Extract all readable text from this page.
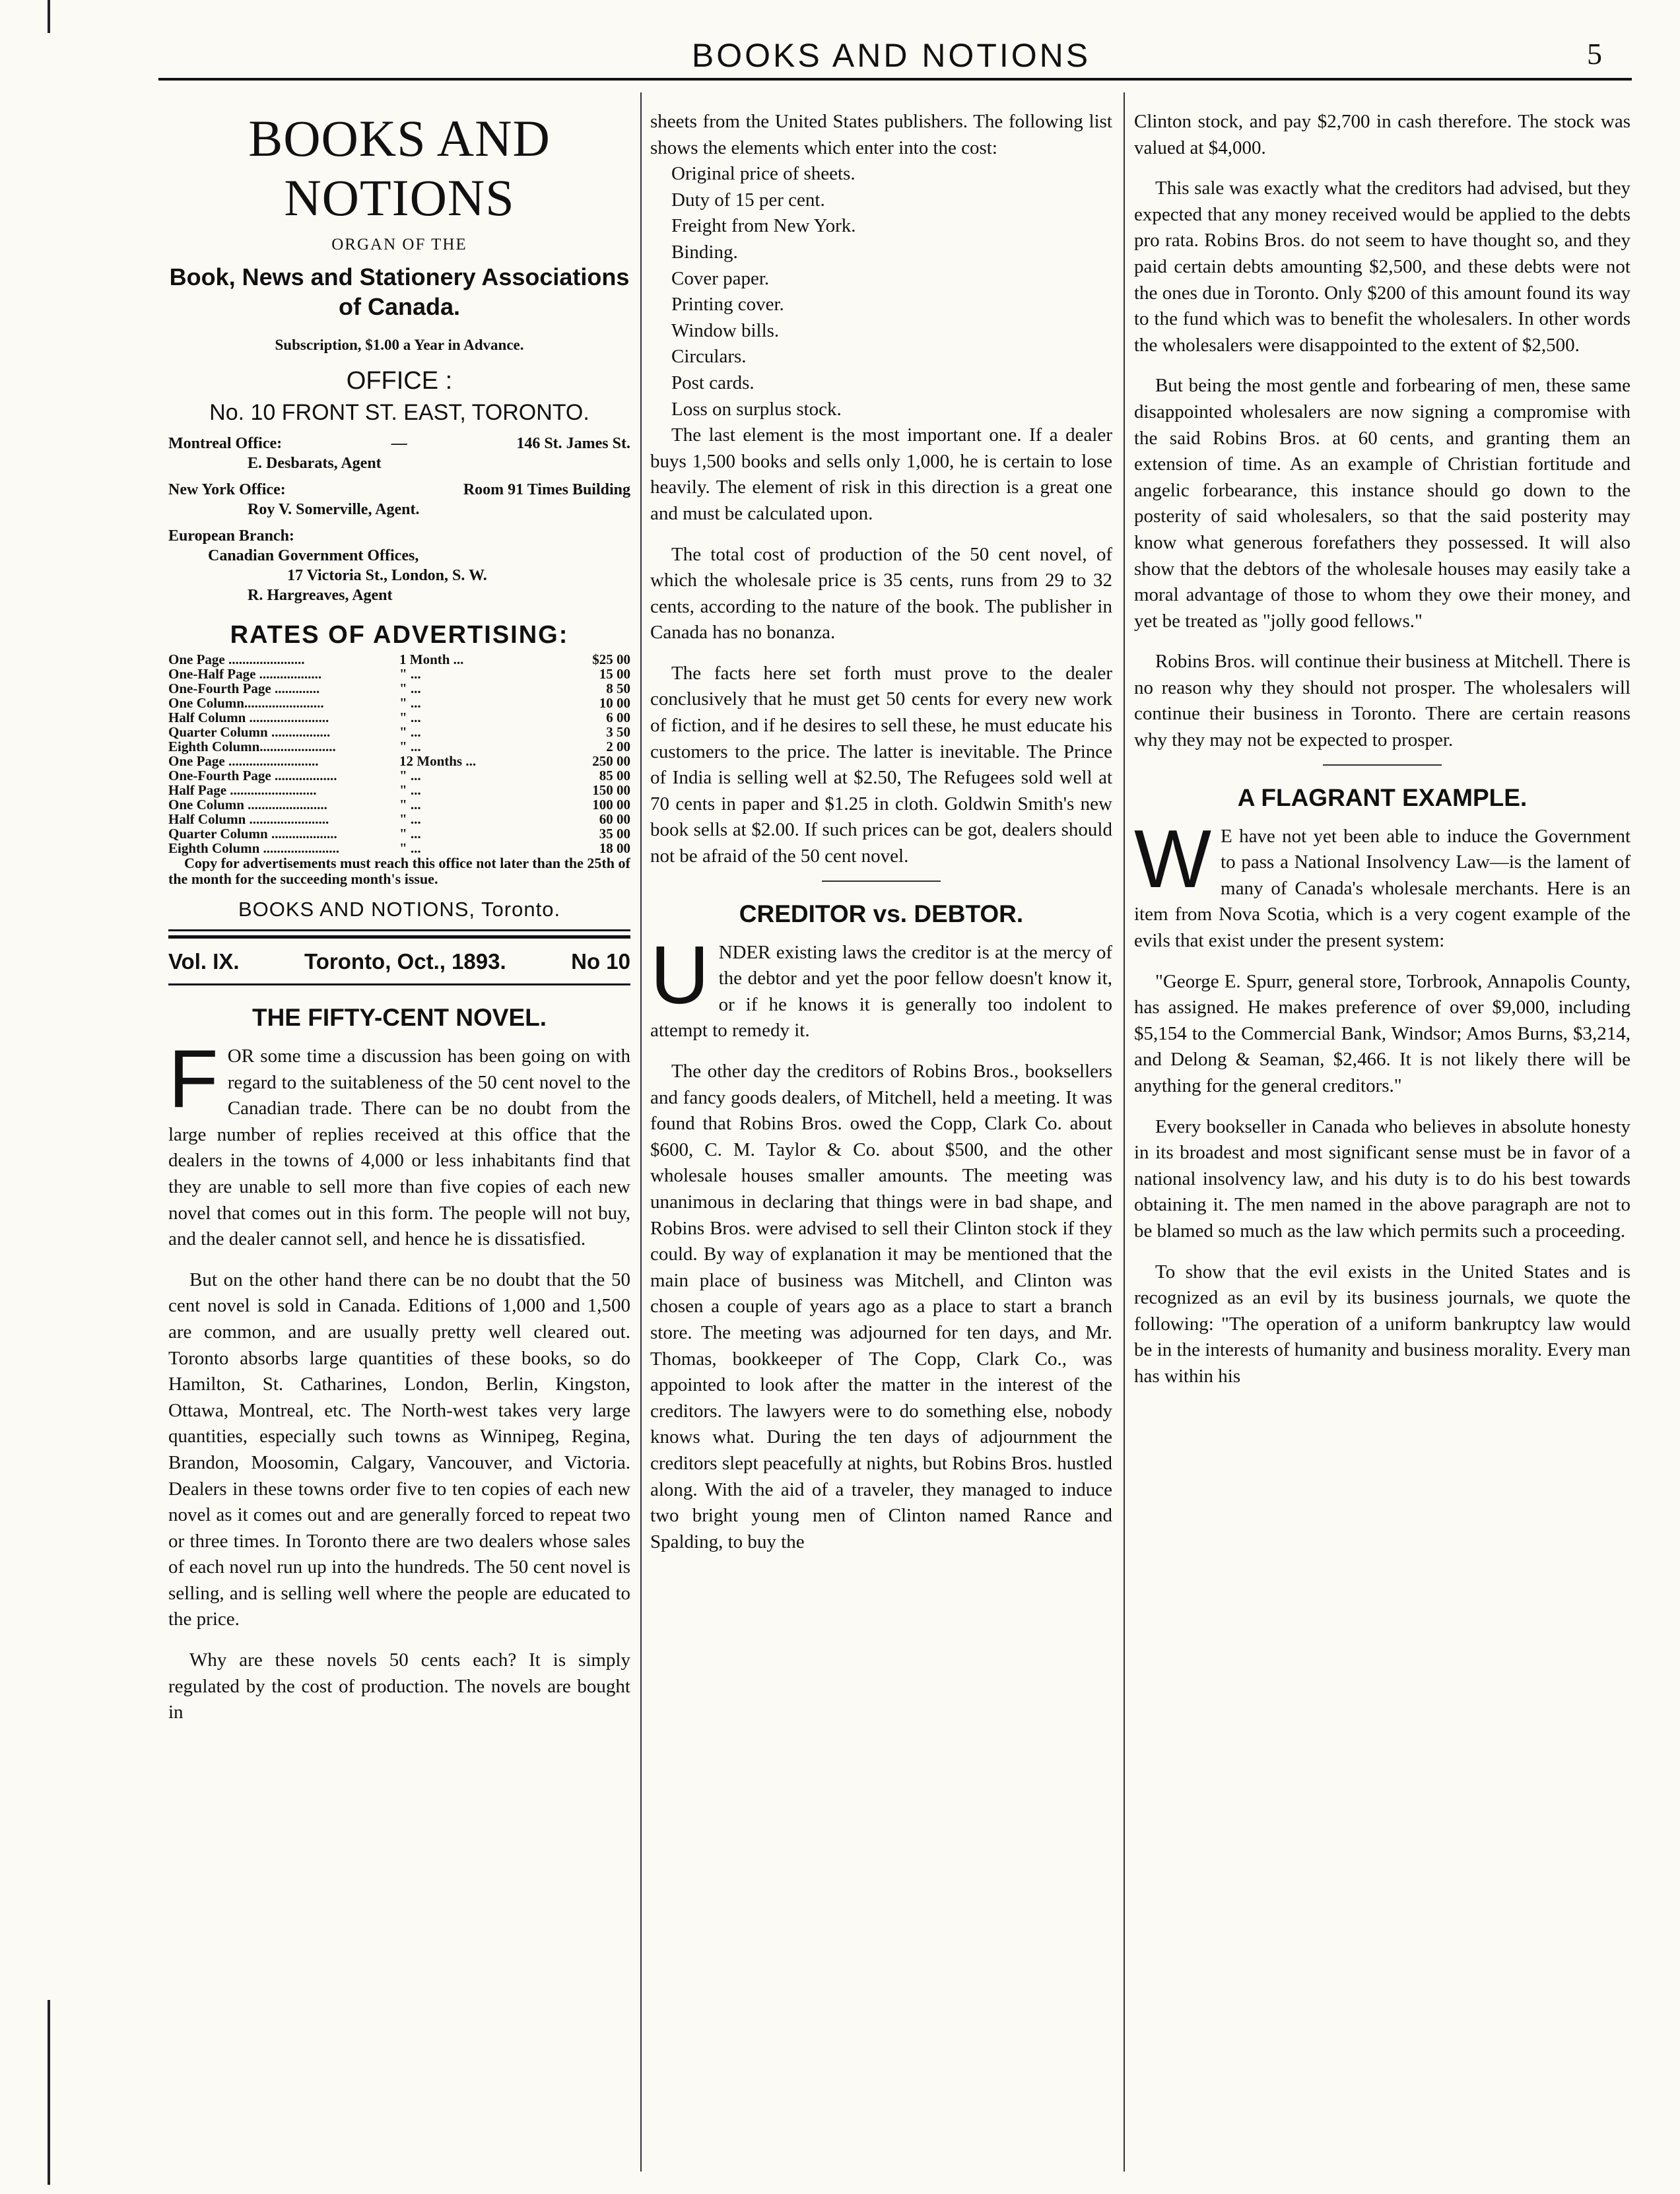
BOOKS AND NOTIONS	5
BOOKS AND NOTIONS
ORGAN OF THE
Book, News and Stationery Associations of Canada.
Subscription, $1.00 a Year in Advance.
OFFICE :
No. 10 FRONT ST. EAST, TORONTO.
Montreal Office:	—	146 St. James St.
E. Desbarats, Agent
New York Office:	Room 91 Times Building
Roy V. Somerville, Agent.
European Branch:
Canadian Government Offices,
17 Victoria St., London, S. W.
R. Hargreaves, Agent
RATES OF ADVERTISING:
One Page ......................	1 Month ...	$25 00
One-Half Page ..................	" ...	15 00
One-Fourth Page .............	" ...	8 50
One Column.......................	" ...	10 00
Half Column .......................	" ...	6 00
Quarter Column .................	" ...	3 50
Eighth Column......................	" ...	2 00
One Page ..........................	12 Months ...	250 00
One-Fourth Page ..................	" ...	85 00
Half Page .........................	" ...	150 00
One Column .......................	" ...	100 00
Half Column .......................	" ...	60 00
Quarter Column ...................	" ...	35 00
Eighth Column ......................	" ...	18 00
Copy for advertisements must reach this office not later than the 25th of the month for the succeeding month's issue.
BOOKS AND NOTIONS, Toronto.
Vol. IX.	Toronto, Oct., 1893.	No 10
THE FIFTY-CENT NOVEL.

FOR some time a discussion has been going on with regard to the suitableness of the 50 cent novel to the Canadian trade. There can be no doubt from the large number of replies received at this office that the dealers in the towns of 4,000 or less inhabitants find that they are unable to sell more than five copies of each new novel that comes out in this form. The people will not buy, and the dealer cannot sell, and hence he is dissatisfied.

But on the other hand there can be no doubt that the 50 cent novel is sold in Canada. Editions of 1,000 and 1,500 are common, and are usually pretty well cleared out. Toronto absorbs large quantities of these books, so do Hamilton, St. Catharines, London, Berlin, Kingston, Ottawa, Montreal, etc. The North-west takes very large quantities, especially such towns as Winnipeg, Regina, Brandon, Moosomin, Calgary, Vancouver, and Victoria. Dealers in these towns order five to ten copies of each new novel as it comes out and are generally forced to repeat two or three times. In Toronto there are two dealers whose sales of each novel run up into the hundreds. The 50 cent novel is selling, and is selling well where the people are educated to the price.

Why are these novels 50 cents each? It is simply regulated by the cost of production. The novels are bought in

sheets from the United States publishers. The following list shows the elements which enter into the cost:

Original price of sheets.
Duty of 15 per cent.
Freight from New York.
Binding.
Cover paper.
Printing cover.
Window bills.
Circulars.
Post cards.
Loss on surplus stock.

The last element is the most important one. If a dealer buys 1,500 books and sells only 1,000, he is certain to lose heavily. The element of risk in this direction is a great one and must be calculated upon.

The total cost of production of the 50 cent novel, of which the wholesale price is 35 cents, runs from 29 to 32 cents, according to the nature of the book. The publisher in Canada has no bonanza.

The facts here set forth must prove to the dealer conclusively that he must get 50 cents for every new work of fiction, and if he desires to sell these, he must educate his customers to the price. The latter is inevitable. The Prince of India is selling well at $2.50, The Refugees sold well at 70 cents in paper and $1.25 in cloth. Goldwin Smith's new book sells at $2.00. If such prices can be got, dealers should not be afraid of the 50 cent novel.

CREDITOR vs. DEBTOR.

UNDER existing laws the creditor is at the mercy of the debtor and yet the poor fellow doesn't know it, or if he knows it is generally too indolent to attempt to remedy it.

The other day the creditors of Robins Bros., booksellers and fancy goods dealers, of Mitchell, held a meeting. It was found that Robins Bros. owed the Copp, Clark Co. about $600, C. M. Taylor & Co. about $500, and the other wholesale houses smaller amounts. The meeting was unanimous in declaring that things were in bad shape, and Robins Bros. were advised to sell their Clinton stock if they could. By way of explanation it may be mentioned that the main place of business was Mitchell, and Clinton was chosen a couple of years ago as a place to start a branch store. The meeting was adjourned for ten days, and Mr. Thomas, bookkeeper of The Copp, Clark Co., was appointed to look after the matter in the interest of the creditors. The lawyers were to do something else, nobody knows what. During the ten days of adjournment the creditors slept peacefully at nights, but Robins Bros. hustled along. With the aid of a traveler, they managed to induce two bright young men of Clinton named Rance and Spalding, to buy the

Clinton stock, and pay $2,700 in cash therefore. The stock was valued at $4,000.

This sale was exactly what the creditors had advised, but they expected that any money received would be applied to the debts pro rata. Robins Bros. do not seem to have thought so, and they paid certain debts amounting $2,500, and these debts were not the ones due in Toronto. Only $200 of this amount found its way to the fund which was to benefit the wholesalers. In other words the wholesalers were disappointed to the extent of $2,500.

But being the most gentle and forbearing of men, these same disappointed wholesalers are now signing a compromise with the said Robins Bros. at 60 cents, and granting them an extension of time. As an example of Christian fortitude and angelic forbearance, this instance should go down to the posterity of said wholesalers, so that the said posterity may know what generous forefathers they possessed. It will also show that the debtors of the wholesale houses may easily take a moral advantage of those to whom they owe their money, and yet be treated as "jolly good fellows."

Robins Bros. will continue their business at Mitchell. There is no reason why they should not prosper. The wholesalers will continue their business in Toronto. There are certain reasons why they may not be expected to prosper.

A FLAGRANT EXAMPLE.

W E have not yet been able to induce the Government to pass a National Insolvency Law—is the lament of many of Canada's wholesale merchants. Here is an item from Nova Scotia, which is a very cogent example of the evils that exist under the present system:

"George E. Spurr, general store, Torbrook, Annapolis County, has assigned. He makes preference of over $9,000, including $5,154 to the Commercial Bank, Windsor; Amos Burns, $3,214, and Delong & Seaman, $2,466. It is not likely there will be anything for the general creditors."

Every bookseller in Canada who believes in absolute honesty in its broadest and most significant sense must be in favor of a national insolvency law, and his duty is to do his best towards obtaining it. The men named in the above paragraph are not to be blamed so much as the law which permits such a proceeding.

To show that the evil exists in the United States and is recognized as an evil by its business journals, we quote the following: "The operation of a uniform bankruptcy law would be in the interests of humanity and business morality. Every man has within his
